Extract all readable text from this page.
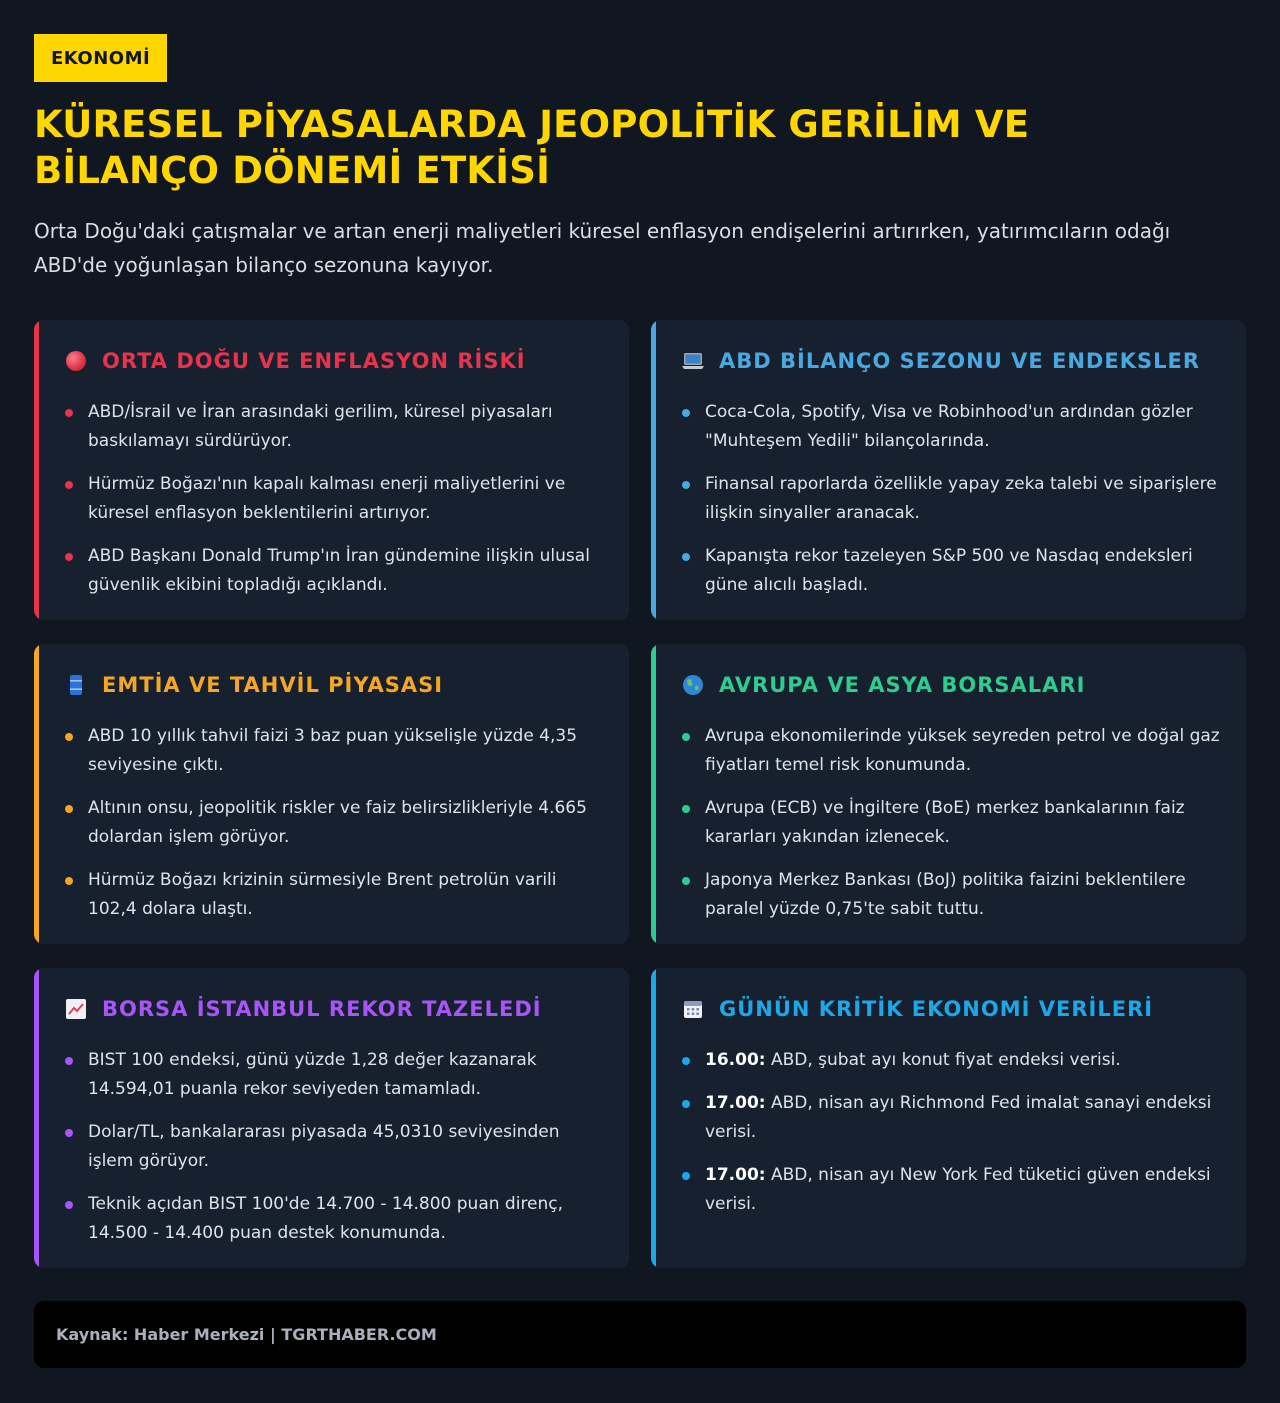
EKONOMİ
KÜRESEL PİYASALARDA JEOPOLİTİK GERİLİM VE BİLANÇO DÖNEMİ ETKİSİ

Orta Doğu'daki çatışmalar ve artan enerji maliyetleri küresel enflasyon endişelerini artırırken, yatırımcıların odağı ABD'de yoğunlaşan bilanço sezonuna kayıyor.

ORTA DOĞU VE ENFLASYON RİSKİ
ABD/İsrail ve İran arasındaki gerilim, küresel piyasaları baskılamayı sürdürüyor.
Hürmüz Boğazı'nın kapalı kalması enerji maliyetlerini ve küresel enflasyon beklentilerini artırıyor.
ABD Başkanı Donald Trump'ın İran gündemine ilişkin ulusal güvenlik ekibini topladığı açıklandı.
ABD BİLANÇO SEZONU VE ENDEKSLER
Coca-Cola, Spotify, Visa ve Robinhood'un ardından gözler "Muhteşem Yedili" bilançolarında.
Finansal raporlarda özellikle yapay zeka talebi ve siparişlere ilişkin sinyaller aranacak.
Kapanışta rekor tazeleyen S&P 500 ve Nasdaq endeksleri güne alıcılı başladı.
EMTİA VE TAHVİL PİYASASI
ABD 10 yıllık tahvil faizi 3 baz puan yükselişle yüzde 4,35 seviyesine çıktı.
Altının onsu, jeopolitik riskler ve faiz belirsizlikleriyle 4.665 dolardan işlem görüyor.
Hürmüz Boğazı krizinin sürmesiyle Brent petrolün varili 102,4 dolara ulaştı.
AVRUPA VE ASYA BORSALARI
Avrupa ekonomilerinde yüksek seyreden petrol ve doğal gaz fiyatları temel risk konumunda.
Avrupa (ECB) ve İngiltere (BoE) merkez bankalarının faiz kararları yakından izlenecek.
Japonya Merkez Bankası (BoJ) politika faizini beklentilere paralel yüzde 0,75'te sabit tuttu.
BORSA İSTANBUL REKOR TAZELEDİ
BIST 100 endeksi, günü yüzde 1,28 değer kazanarak 14.594,01 puanla rekor seviyeden tamamladı.
Dolar/TL, bankalararası piyasada 45,0310 seviyesinden işlem görüyor.
Teknik açıdan BIST 100'de 14.700 - 14.800 puan direnç, 14.500 - 14.400 puan destek konumunda.
GÜNÜN KRİTİK EKONOMİ VERİLERİ
16.00: ABD, şubat ayı konut fiyat endeksi verisi.
17.00: ABD, nisan ayı Richmond Fed imalat sanayi endeksi verisi.
17.00: ABD, nisan ayı New York Fed tüketici güven endeksi verisi.
Kaynak: Haber Merkezi | TGRTHABER.COM
